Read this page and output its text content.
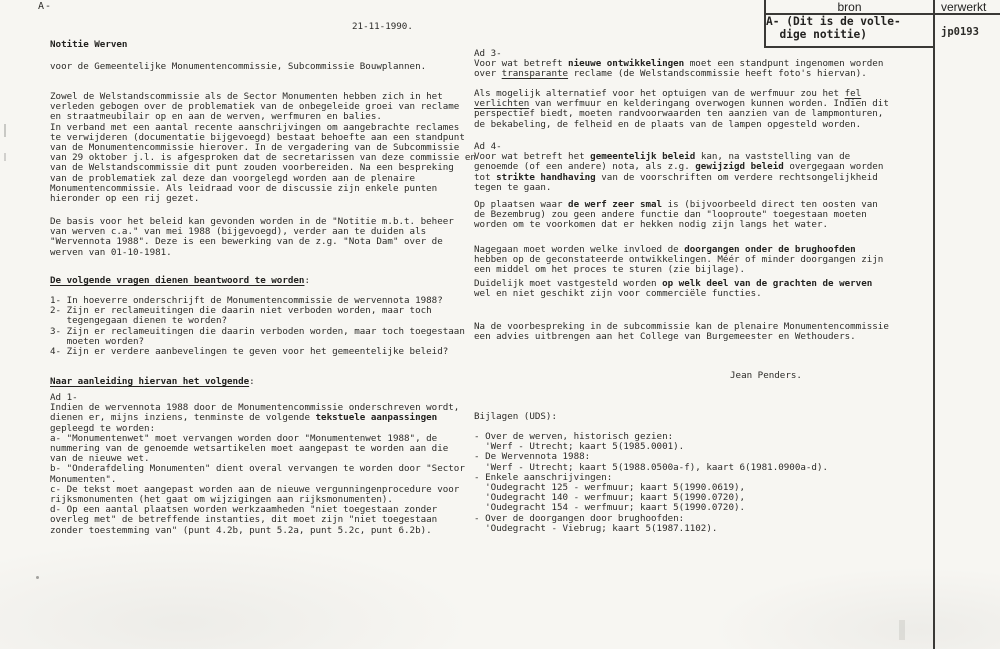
A-
21-11-1990.
Notitie Werven
voor de Gemeentelijke Monumentencommissie, Subcommissie Bouwplannen.
Zowel de Welstandscommissie als de Sector Monumenten hebben zich in het
verleden gebogen over de problematiek van de onbegeleide groei van reclame
en straatmeubilair op en aan de werven, werfmuren en balies.
In verband met een aantal recente aanschrijvingen om aangebrachte reclames
te verwijderen (documentatie bijgevoegd) bestaat behoefte aan een standpunt
van de Monumentencommissie hierover. In de vergadering van de Subcommissie
van 29 oktober j.l. is afgesproken dat de secretarissen van deze commissie en
van de Welstandscommissie dit punt zouden voorbereiden. Na een bespreking
van de problematiek zal deze dan voorgelegd worden aan de plenaire
Monumentencommissie. Als leidraad voor de discussie zijn enkele punten
hieronder op een rij gezet.
De basis voor het beleid kan gevonden worden in de "Notitie m.b.t. beheer
van werven c.a." van mei 1988 (bijgevoegd), verder aan te duiden als
"Wervennota 1988". Deze is een bewerking van de z.g. "Nota Dam" over de
werven van 01-10-1981.
De volgende vragen dienen beantwoord te worden:
1- In hoeverre onderschrijft de Monumentencommissie de wervennota 1988?
2- Zijn er reclameuitingen die daarin niet verboden worden, maar toch
tegengegaan dienen te worden?
3- Zijn er reclameuitingen die daarin verboden worden, maar toch toegestaan
moeten worden?
4- Zijn er verdere aanbevelingen te geven voor het gemeentelijke beleid?
Naar aanleiding hiervan het volgende:
Ad 1-
Indien de wervennota 1988 door de Monumentencommissie onderschreven wordt,
dienen er, mijns inziens, tenminste de volgende tekstuele aanpassingen
gepleegd te worden:
a- "Monumentenwet" moet vervangen worden door "Monumentenwet 1988", de
nummering van de genoemde wetsartikelen moet aangepast te worden aan die
van de nieuwe wet.
b- "Onderafdeling Monumenten" dient overal vervangen te worden door "Sector
Monumenten".
c- De tekst moet aangepast worden aan de nieuwe vergunningenprocedure voor
rijksmonumenten (het gaat om wijzigingen aan rijksmonumenten).
d- Op een aantal plaatsen worden werkzaamheden "niet toegestaan zonder
overleg met" de betreffende instanties, dit moet zijn "niet toegestaan
zonder toestemming van" (punt 4.2b, punt 5.2a, punt 5.2c, punt 6.2b).
Ad 3-
Voor wat betreft nieuwe ontwikkelingen moet een standpunt ingenomen worden
over transparante reclame (de Welstandscommissie heeft foto's hiervan).
Als mogelijk alternatief voor het optuigen van de werfmuur zou het fel
verlichten van werfmuur en kelderingang overwogen kunnen worden. Indien dit
perspectief biedt, moeten randvoorwaarden ten aanzien van de lampmonturen,
de bekabeling, de felheid en de plaats van de lampen opgesteld worden.
Ad 4-
Voor wat betreft het gemeentelijk beleid kan, na vaststelling van de
genoemde (of een andere) nota, als z.g. gewijzigd beleid overgegaan worden
tot strikte handhaving van de voorschriften om verdere rechtsongelijkheid
tegen te gaan.
Op plaatsen waar de werf zeer smal is (bijvoorbeeld direct ten oosten van
de Bezembrug) zou geen andere functie dan "looproute" toegestaan moeten
worden om te voorkomen dat er hekken nodig zijn langs het water.
Nagegaan moet worden welke invloed de doorgangen onder de brughoofden
hebben op de geconstateerde ontwikkelingen. Méér of minder doorgangen zijn
een middel om het proces te sturen (zie bijlage).
Duidelijk moet vastgesteld worden op welk deel van de grachten de werven
wel en niet geschikt zijn voor commerciële functies.
Na de voorbespreking in de subcommissie kan de plenaire Monumentencommissie
een advies uitbrengen aan het College van Burgemeester en Wethouders.
Jean Penders.
Bijlagen (UDS):
- Over de werven, historisch gezien:
'Werf - Utrecht; kaart 5(1985.0001).
- De Wervennota 1988:
'Werf - Utrecht; kaart 5(1988.0500a-f), kaart 6(1981.0900a-d).
- Enkele aanschrijvingen:
'Oudegracht 125 - werfmuur; kaart 5(1990.0619),
'Oudegracht 140 - werfmuur; kaart 5(1990.0720),
'Oudegracht 154 - werfmuur; kaart 5(1990.0720).
- Over de doorgangen door brughoofden:
'Oudegracht - Viebrug; kaart 5(1987.1102).
bron	verwerkt
A- (Dit is de volle-
dige notitie)	jp0193
